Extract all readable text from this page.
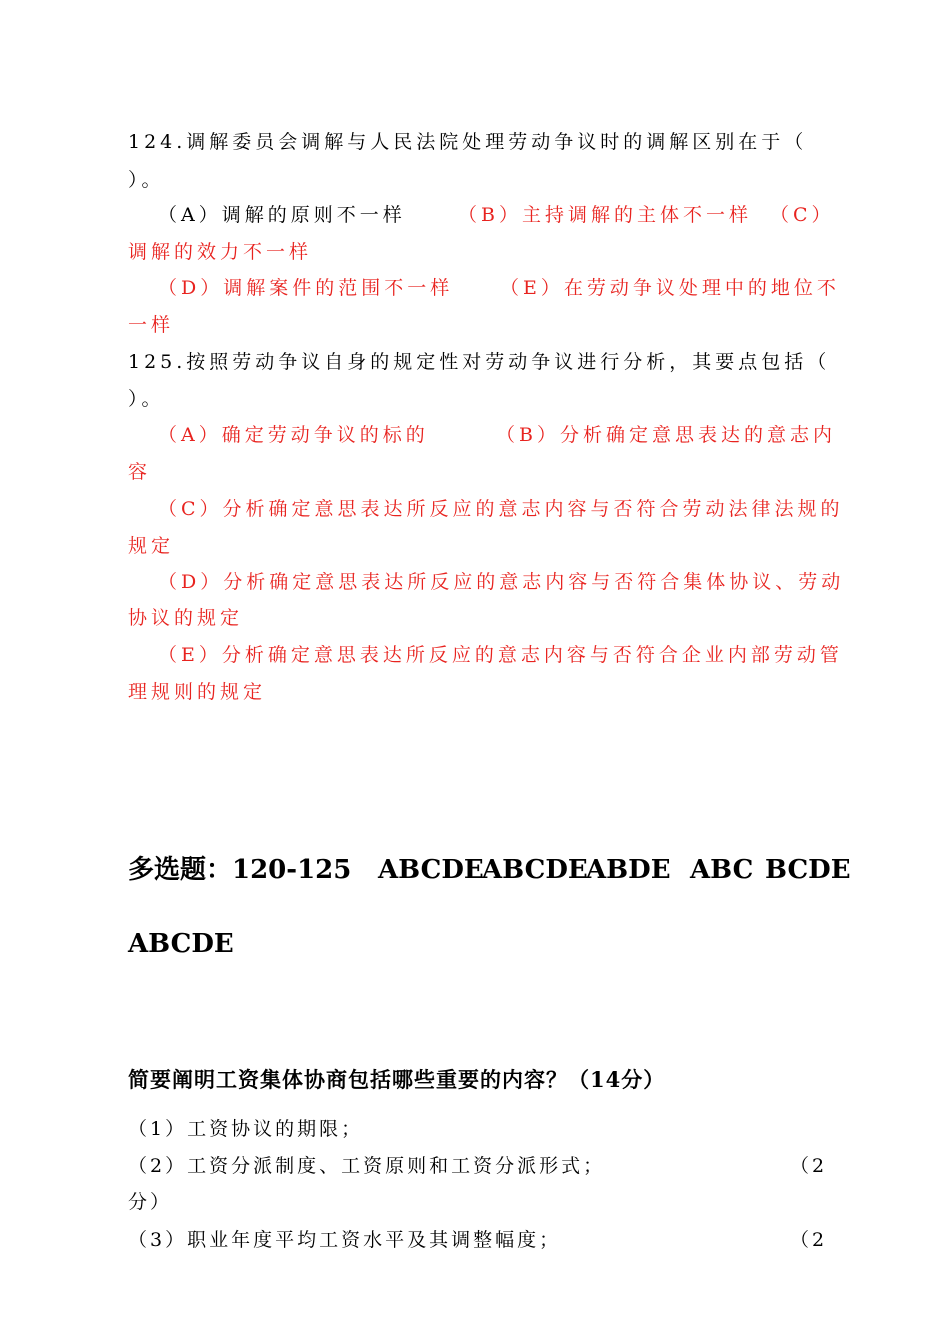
124.调解委员会调解与人民法院处理劳动争议时的调解区别在于（
）。
（A）调解的原则不一样	（B）主持调解的主体不一样 （C）
调解的效力不一样
（D）调解案件的范围不一样 （E）在劳动争议处理中的地位不
一样
125.按照劳动争议自身的规定性对劳动争议进行分析，其要点包括（
）。
（A）确定劳动争议的标的	（B）分析确定意思表达的意志内
容
（C）分析确定意思表达所反应的意志内容与否符合劳动法律法规的
规定
（D）分析确定意思表达所反应的意志内容与否符合集体协议、劳动
协议的规定
（E）分析确定意思表达所反应的意志内容与否符合企业内部劳动管
理规则的规定
多选题：120-125 ABCDE
ABCDE
ABDE ABC BCDE
ABCDE
简要阐明工资集体协商包括哪些重要的内容？（14分）
（1）工资协议的期限；
（2）工资分派制度、工资原则和工资分派形式；	（2
分）
（3）职业年度平均工资水平及其调整幅度；	（2
